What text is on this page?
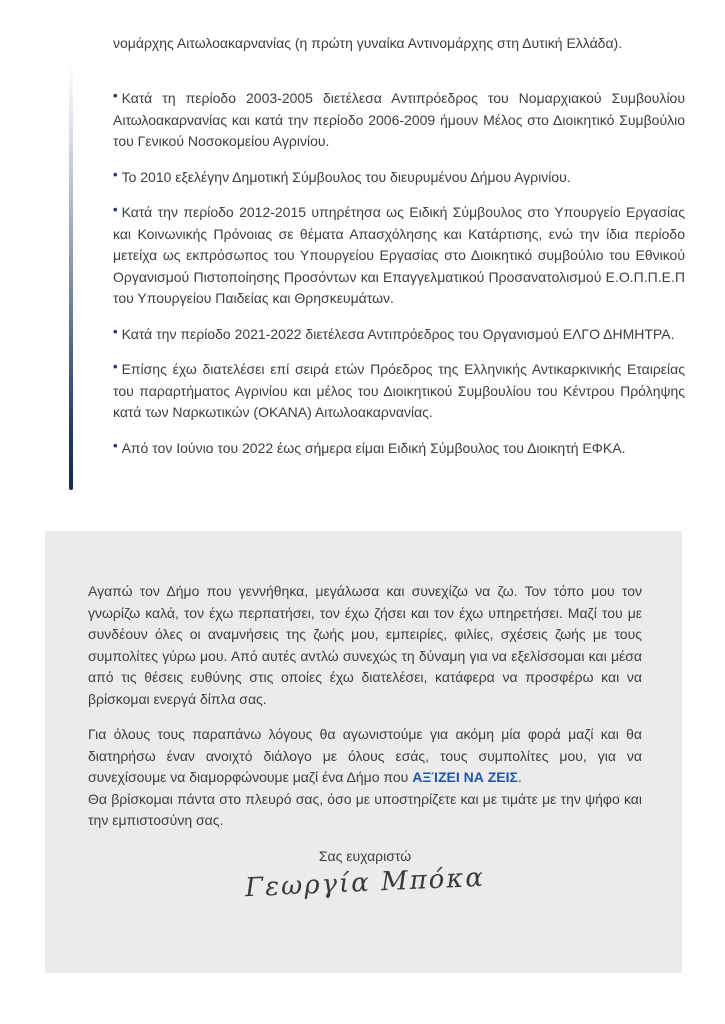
νομάρχης Αιτωλοακαρνανίας (η πρώτη γυναίκα Αντινομάρχης στη Δυτική Ελλάδα).

• Κατά τη περίοδο 2003-2005 διετέλεσα Αντιπρόεδρος του Νομαρχιακού Συμβουλίου Αιτωλοακαρνανίας και κατά την περίοδο 2006-2009 ήμουν Μέλος στο Διοικητικό Συμβούλιο του Γενικού Νοσοκομείου Αγρινίου.

• Το 2010 εξελέγην Δημοτική Σύμβουλος του διευρυμένου Δήμου Αγρινίου.

• Κατά την περίοδο 2012-2015 υπηρέτησα ως Ειδική Σύμβουλος στο Υπουργείο Εργασίας και Κοινωνικής Πρόνοιας σε θέματα Απασχόλησης και Κατάρτισης, ενώ την ίδια περίοδο μετείχα ως εκπρόσωπος του Υπουργείου Εργασίας στο Διοικητικό συμβούλιο του Εθνικού Οργανισμού Πιστοποίησης Προσόντων και Επαγγελματικού Προσανατολισμού Ε.Ο.Π.Π.Ε.Π του Υπουργείου Παιδείας και Θρησκευμάτων.

• Κατά την περίοδο 2021-2022 διετέλεσα Αντιπρόεδρος του Οργανισμού ΕΛΓΟ ΔΗΜΗΤΡΑ.

• Επίσης έχω διατελέσει επί σειρά ετών Πρόεδρος της Ελληνικής Αντικαρκινικής Εταιρείας του παραρτήματος Αγρινίου και μέλος του Διοικητικού Συμβουλίου του Κέντρου Πρόληψης κατά των Ναρκωτικών (ΟΚΑΝΑ) Αιτωλοακαρνανίας.

• Από τον Ιούνιο του 2022 έως σήμερα είμαι Ειδική Σύμβουλος του Διοικητή ΕΦΚΑ.

Αγαπώ τον Δήμο που γεννήθηκα, μεγάλωσα και συνεχίζω να ζω. Τον τόπο μου τον γνωρίζω καλά, τον έχω περπατήσει, τον έχω ζήσει και τον έχω υπηρετήσει. Μαζί του με συνδέουν όλες οι αναμνήσεις της ζωής μου, εμπειρίες, φιλίες, σχέσεις ζωής με τους συμπολίτες γύρω μου. Από αυτές αντλώ συνεχώς τη δύναμη για να εξελίσσομαι και μέσα από τις θέσεις ευθύνης στις οποίες έχω διατελέσει, κατάφερα να προσφέρω και να βρίσκομαι ενεργά δίπλα σας.

Για όλους τους παραπάνω λόγους θα αγωνιστούμε για ακόμη μία φορά μαζί και θα διατηρήσω έναν ανοιχτό διάλογο με όλους εσάς, τους συμπολίτες μου, για να συνεχίσουμε να διαμορφώνουμε μαζί ένα Δήμο που ΑΞΊΖΕΙ ΝΑ ΖΕΙΣ.

Θα βρίσκομαι πάντα στο πλευρό σας, όσο με υποστηρίζετε και με τιμάτε με την ψήφο και την εμπιστοσύνη σας.

Σας ευχαριστώ

Γεωργία Μπόκα
